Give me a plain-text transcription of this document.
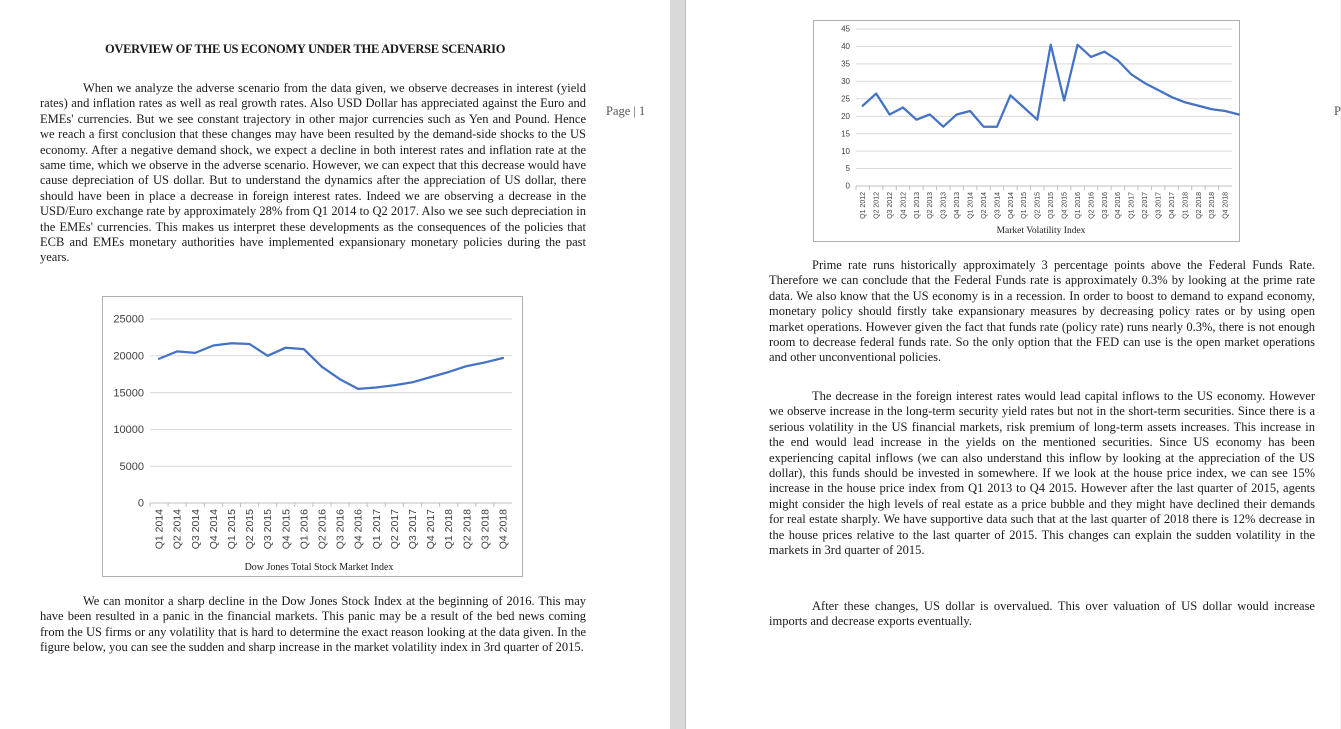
OVERVIEW OF THE US ECONOMY UNDER THE ADVERSE SCENARIO

When we analyze the adverse scenario from the data given, we observe decreases in interest (yield rates) and inflation rates as well as real growth rates. Also USD Dollar has appreciated against the Euro and EMEs' currencies. But we see constant trajectory in other major currencies such as Yen and Pound. Hence we reach a first conclusion that these changes may have been resulted by the demand-side shocks to the US economy. After a negative demand shock, we expect a decline in both interest rates and inflation rate at the same time, which we observe in the adverse scenario. However, we can expect that this decrease would have cause depreciation of US dollar. But to understand the dynamics after the appreciation of US dollar, there should have been in place a decrease in foreign interest rates. Indeed we are observing a decrease in the USD/Euro exchange rate by approximately 28% from Q1 2014 to Q2 2017. Also we see such depreciation in the EMEs' currencies. This makes us interpret these developments as the consequences of the policies that ECB and EMEs monetary authorities have implemented expansionary monetary policies during the past years.

Page | 1
0
5000
10000
15000
20000
25000
Q1 2014 Q2 2014 Q3 2014 Q4 2014 Q1 2015 Q2 2015 Q3 2015 Q4 2015 Q1 2016 Q2 2016 Q3 2016 Q4 2016 Q1 2017 Q2 2017 Q3 2017 Q4 2017 Q1 2018 Q2 2018 Q3 2018 Q4 2018
Dow Jones Total Stock Market Index

We can monitor a sharp decline in the Dow Jones Stock Index at the beginning of 2016. This may have been resulted in a panic in the financial markets. This panic may be a result of the bed news coming from the US firms or any volatility that is hard to determine the exact reason looking at the data given. In the figure below, you can see the sudden and sharp increase in the market volatility index in 3rd quarter of 2015.

0
5
10
15
20
25
30
35
40
45
Q1 2012 Q2 2012 Q3 2012 Q4 2012 Q1 2013 Q2 2013 Q3 2013 Q4 2013 Q1 2014 Q2 2014 Q3 2014 Q4 2014 Q1 2015 Q2 2015 Q3 2015 Q4 2015 Q1 2016 Q2 2016 Q3 2016 Q4 2016 Q1 2017 Q2 2017 Q3 2017 Q4 2017 Q1 2018 Q2 2018 Q3 2018 Q4 2018
Market Volatility Index

Prime rate runs historically approximately 3 percentage points above the Federal Funds Rate. Therefore we can conclude that the Federal Funds rate is approximately 0.3% by looking at the prime rate data. We also know that the US economy is in a recession. In order to boost to demand to expand economy, monetary policy should firstly take expansionary measures by decreasing policy rates or by using open market operations. However given the fact that funds rate (policy rate) runs nearly 0.3%, there is not enough room to decrease federal funds rate. So the only option that the FED can use is the open market operations and other unconventional policies.

The decrease in the foreign interest rates would lead capital inflows to the US economy. However we observe increase in the long-term security yield rates but not in the short-term securities. Since there is a serious volatility in the US financial markets, risk premium of long-term assets increases. This increase in the end would lead increase in the yields on the mentioned securities. Since US economy has been experiencing capital inflows (we can also understand this inflow by looking at the appreciation of the US dollar), this funds should be invested in somewhere. If we look at the house price index, we can see 15% increase in the house price index from Q1 2013 to Q4 2015. However after the last quarter of 2015, agents might consider the high levels of real estate as a price bubble and they might have declined their demands for real estate sharply. We have supportive data such that at the last quarter of 2018 there is 12% decrease in the house prices relative to the last quarter of 2015. This changes can explain the sudden volatility in the markets in 3rd quarter of 2015.

After these changes, US dollar is overvalued. This over valuation of US dollar would increase imports and decrease exports eventually.

P
